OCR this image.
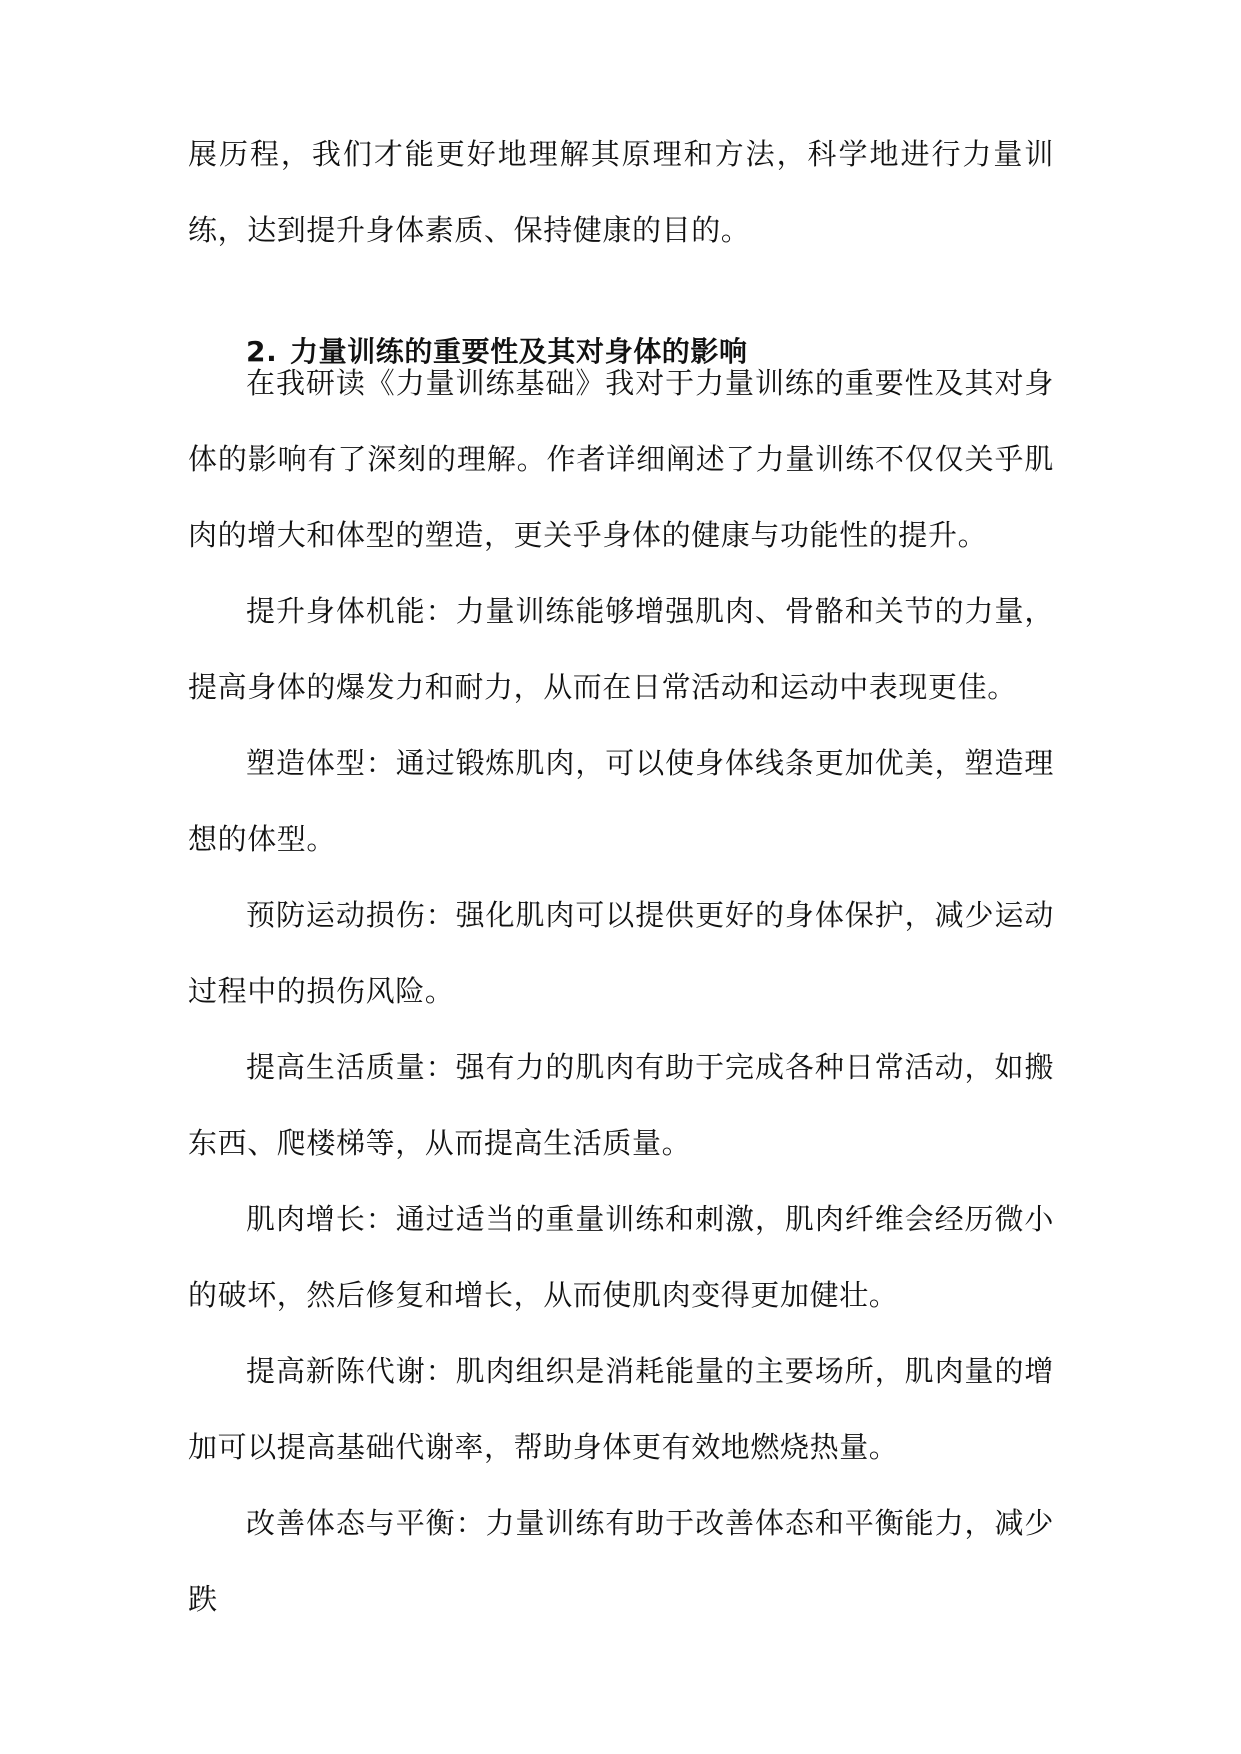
展历程，我们才能更好地理解其原理和方法，科学地进行力量训练，达到提升身体素质、保持健康的目的。

2. 力量训练的重要性及其对身体的影响

在我研读《力量训练基础》我对于力量训练的重要性及其对身体的影响有了深刻的理解。作者详细阐述了力量训练不仅仅关乎肌肉的增大和体型的塑造，更关乎身体的健康与功能性的提升。

提升身体机能：力量训练能够增强肌肉、骨骼和关节的力量，提高身体的爆发力和耐力，从而在日常活动和运动中表现更佳。

塑造体型：通过锻炼肌肉，可以使身体线条更加优美，塑造理想的体型。

预防运动损伤：强化肌肉可以提供更好的身体保护，减少运动过程中的损伤风险。

提高生活质量：强有力的肌肉有助于完成各种日常活动，如搬东西、爬楼梯等，从而提高生活质量。

肌肉增长：通过适当的重量训练和刺激，肌肉纤维会经历微小的破坏，然后修复和增长，从而使肌肉变得更加健壮。

提高新陈代谢：肌肉组织是消耗能量的主要场所，肌肉量的增加可以提高基础代谢率，帮助身体更有效地燃烧热量。

改善体态与平衡：力量训练有助于改善体态和平衡能力，减少跌
